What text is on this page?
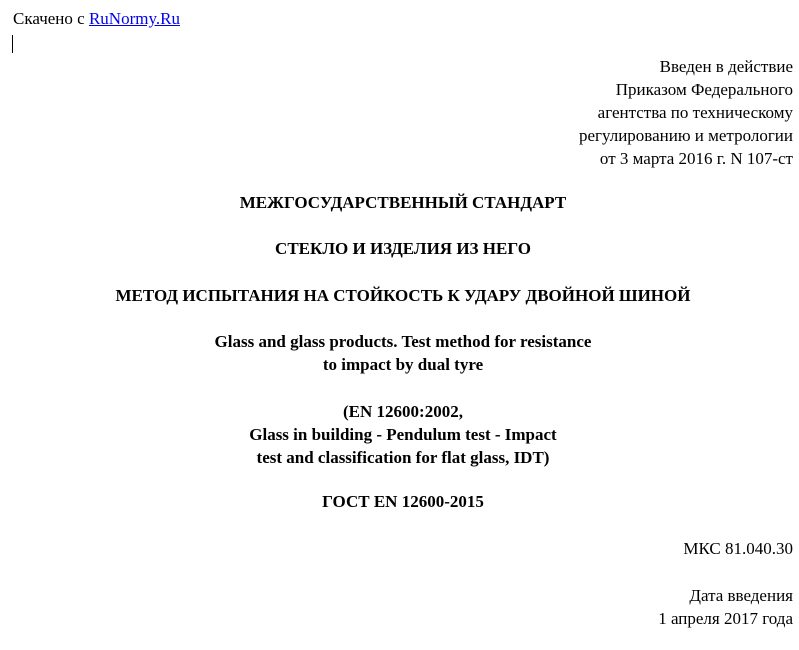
Скачено с RuNormy.Ru
Введен в действие
Приказом Федерального
агентства по техническому
регулированию и метрологии
от 3 марта 2016 г. N 107-ст
МЕЖГОСУДАРСТВЕННЫЙ СТАНДАРТ
СТЕКЛО И ИЗДЕЛИЯ ИЗ НЕГО
МЕТОД ИСПЫТАНИЯ НА СТОЙКОСТЬ К УДАРУ ДВОЙНОЙ ШИНОЙ
Glass and glass products. Test method for resistance
to impact by dual tyre
(EN 12600:2002,
Glass in building - Pendulum test - Impact
test and classification for flat glass, IDT)
ГОСТ EN 12600-2015
МКС 81.040.30
Дата введения
1 апреля 2017 года
